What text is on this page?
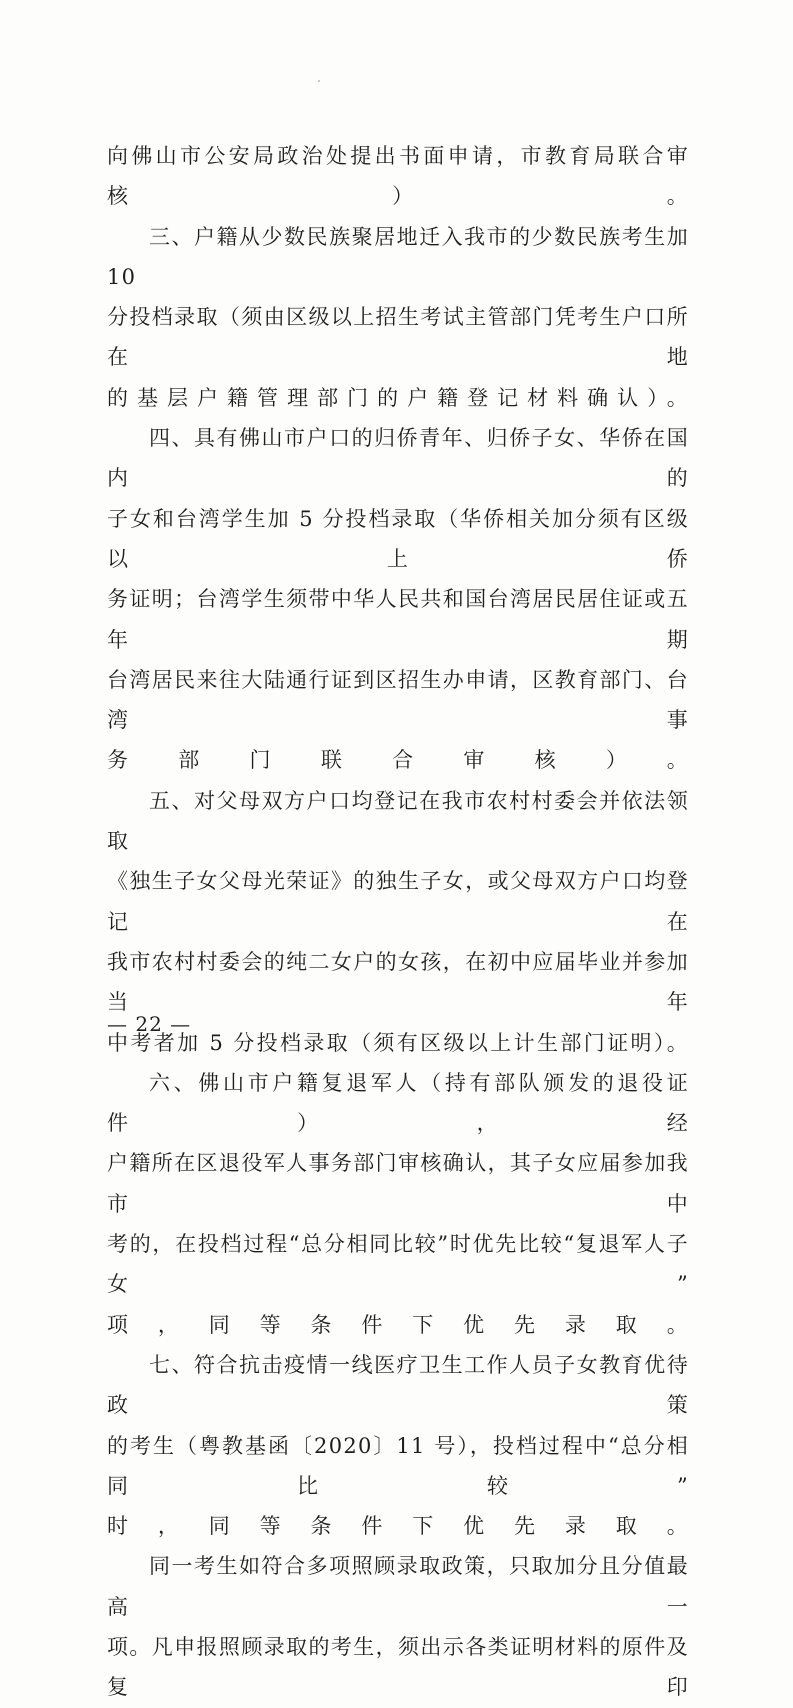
向佛山市公安局政治处提出书面申请，市教育局联合审核）。

三、户籍从少数民族聚居地迁入我市的少数民族考生加 10

分投档录取（须由区级以上招生考试主管部门凭考生户口所在地

的基层户籍管理部门的户籍登记材料确认）。

四、具有佛山市户口的归侨青年、归侨子女、华侨在国内的

子女和台湾学生加 5 分投档录取（华侨相关加分须有区级以上侨

务证明；台湾学生须带中华人民共和国台湾居民居住证或五年期

台湾居民来往大陆通行证到区招生办申请，区教育部门、台湾事

务部门联合审核）。

五、对父母双方户口均登记在我市农村村委会并依法领取

《独生子女父母光荣证》的独生子女，或父母双方户口均登记在

我市农村村委会的纯二女户的女孩，在初中应届毕业并参加当年

中考者加 5 分投档录取（须有区级以上计生部门证明）。

六、佛山市户籍复退军人（持有部队颁发的退役证件），经

户籍所在区退役军人事务部门审核确认，其子女应届参加我市中

考的，在投档过程“总分相同比较”时优先比较“复退军人子女”

项，同等条件下优先录取。

七、符合抗击疫情一线医疗卫生工作人员子女教育优待政策

的考生（粤教基函〔2020〕11 号），投档过程中“总分相同比较”

时，同等条件下优先录取。

同一考生如符合多项照顾录取政策，只取加分且分值最高一

项。凡申报照顾录取的考生，须出示各类证明材料的原件及复印

— 22 —
